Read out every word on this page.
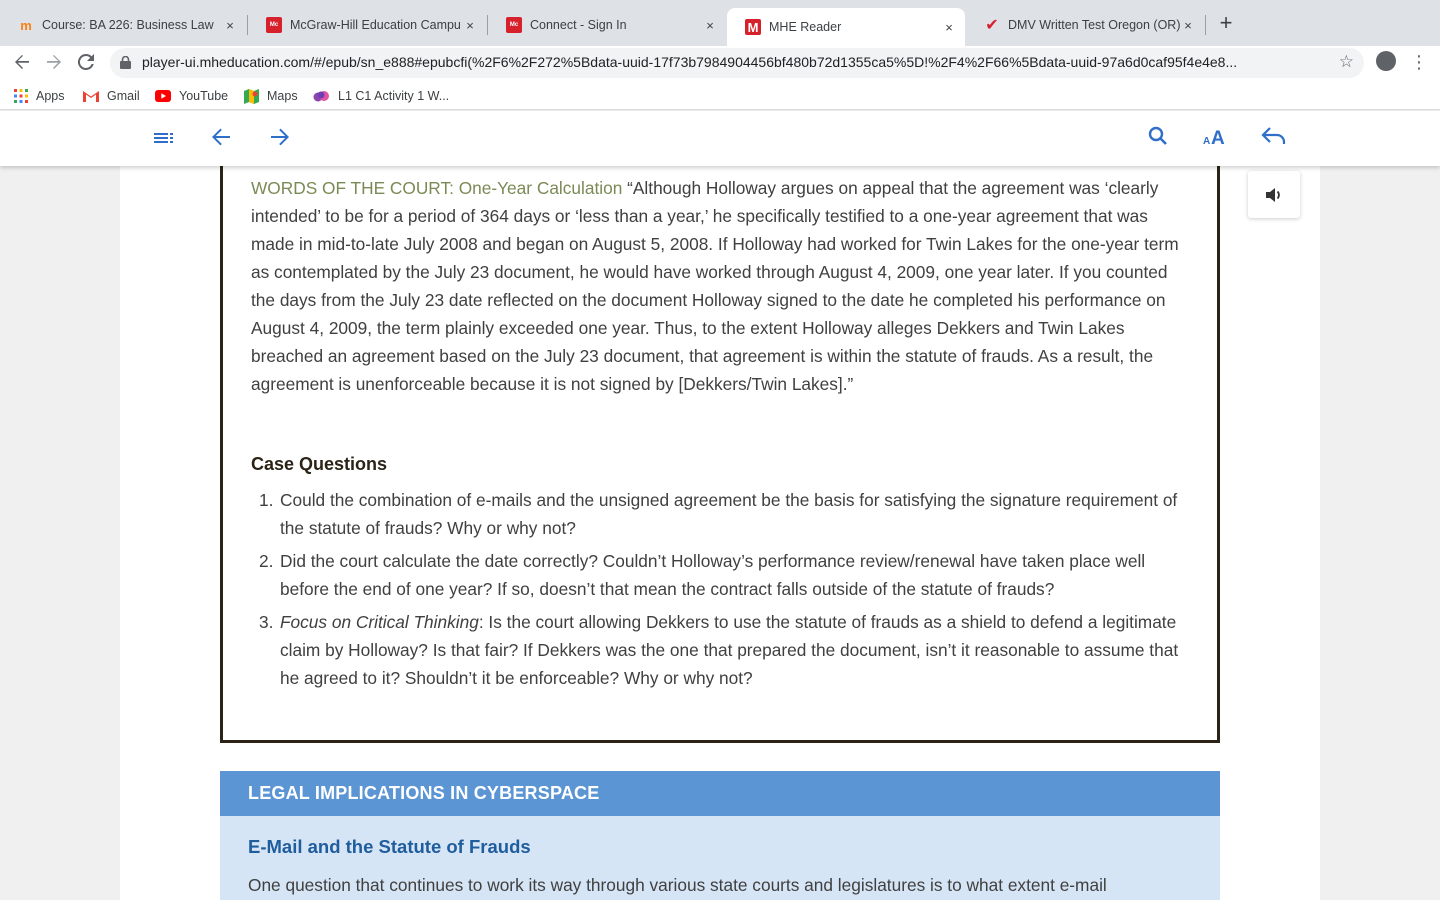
m Course: BA 226: Business Law ×	Mc McGraw-Hill Education Campu ×	Mc Connect - Sign In	×	M MHE Reader	× ✔ DMV Written Test Oregon (OR) × +
player-ui.mheducation.com/#/epub/sn_e888#epubcfi(%2F6%2F272%5Bdata-uuid-17f73b7984904456bf480b72d1355ca5%5D!%2F4%2F66%5Bdata-uuid-97a6d0caf95f4e4e8...	☆	⋮
Apps	Gmail	YouTube	Maps	L1 C1 Activity 1 W...
A A

WORDS OF THE COURT: One-Year Calculation “Although Holloway argues on appeal that the agreement was ‘clearly intended’ to be for a period of 364 days or ‘less than a year,’ he specifically testified to a one-year agreement that was made in mid-to-late July 2008 and began on August 5, 2008. If Holloway had worked for Twin Lakes for the one-year term as contemplated by the July 23 document, he would have worked through August 4, 2009, one year later. If you counted the days from the July 23 date reflected on the document Holloway signed to the date he completed his performance on August 4, 2009, the term plainly exceeded one year. Thus, to the extent Holloway alleges Dekkers and Twin Lakes breached an agreement based on the July 23 document, that agreement is within the statute of frauds. As a result, the agreement is unenforceable because it is not signed by [Dekkers/Twin Lakes].”

Case Questions
1. Could the combination of e-mails and the unsigned agreement be the basis for satisfying the signature requirement of the statute of frauds? Why or why not?
2. Did the court calculate the date correctly? Couldn’t Holloway’s performance review/renewal have taken place well before the end of one year? If so, doesn’t that mean the contract falls outside of the statute of frauds?
3. Focus on Critical Thinking: Is the court allowing Dekkers to use the statute of frauds as a shield to defend a legitimate claim by Holloway? Is that fair? If Dekkers was the one that prepared the document, isn’t it reasonable to assume that he agreed to it? Shouldn’t it be enforceable? Why or why not?
LEGAL IMPLICATIONS IN CYBERSPACE
E-Mail and the Statute of Frauds

One question that continues to work its way through various state courts and legislatures is to what extent e-mail
